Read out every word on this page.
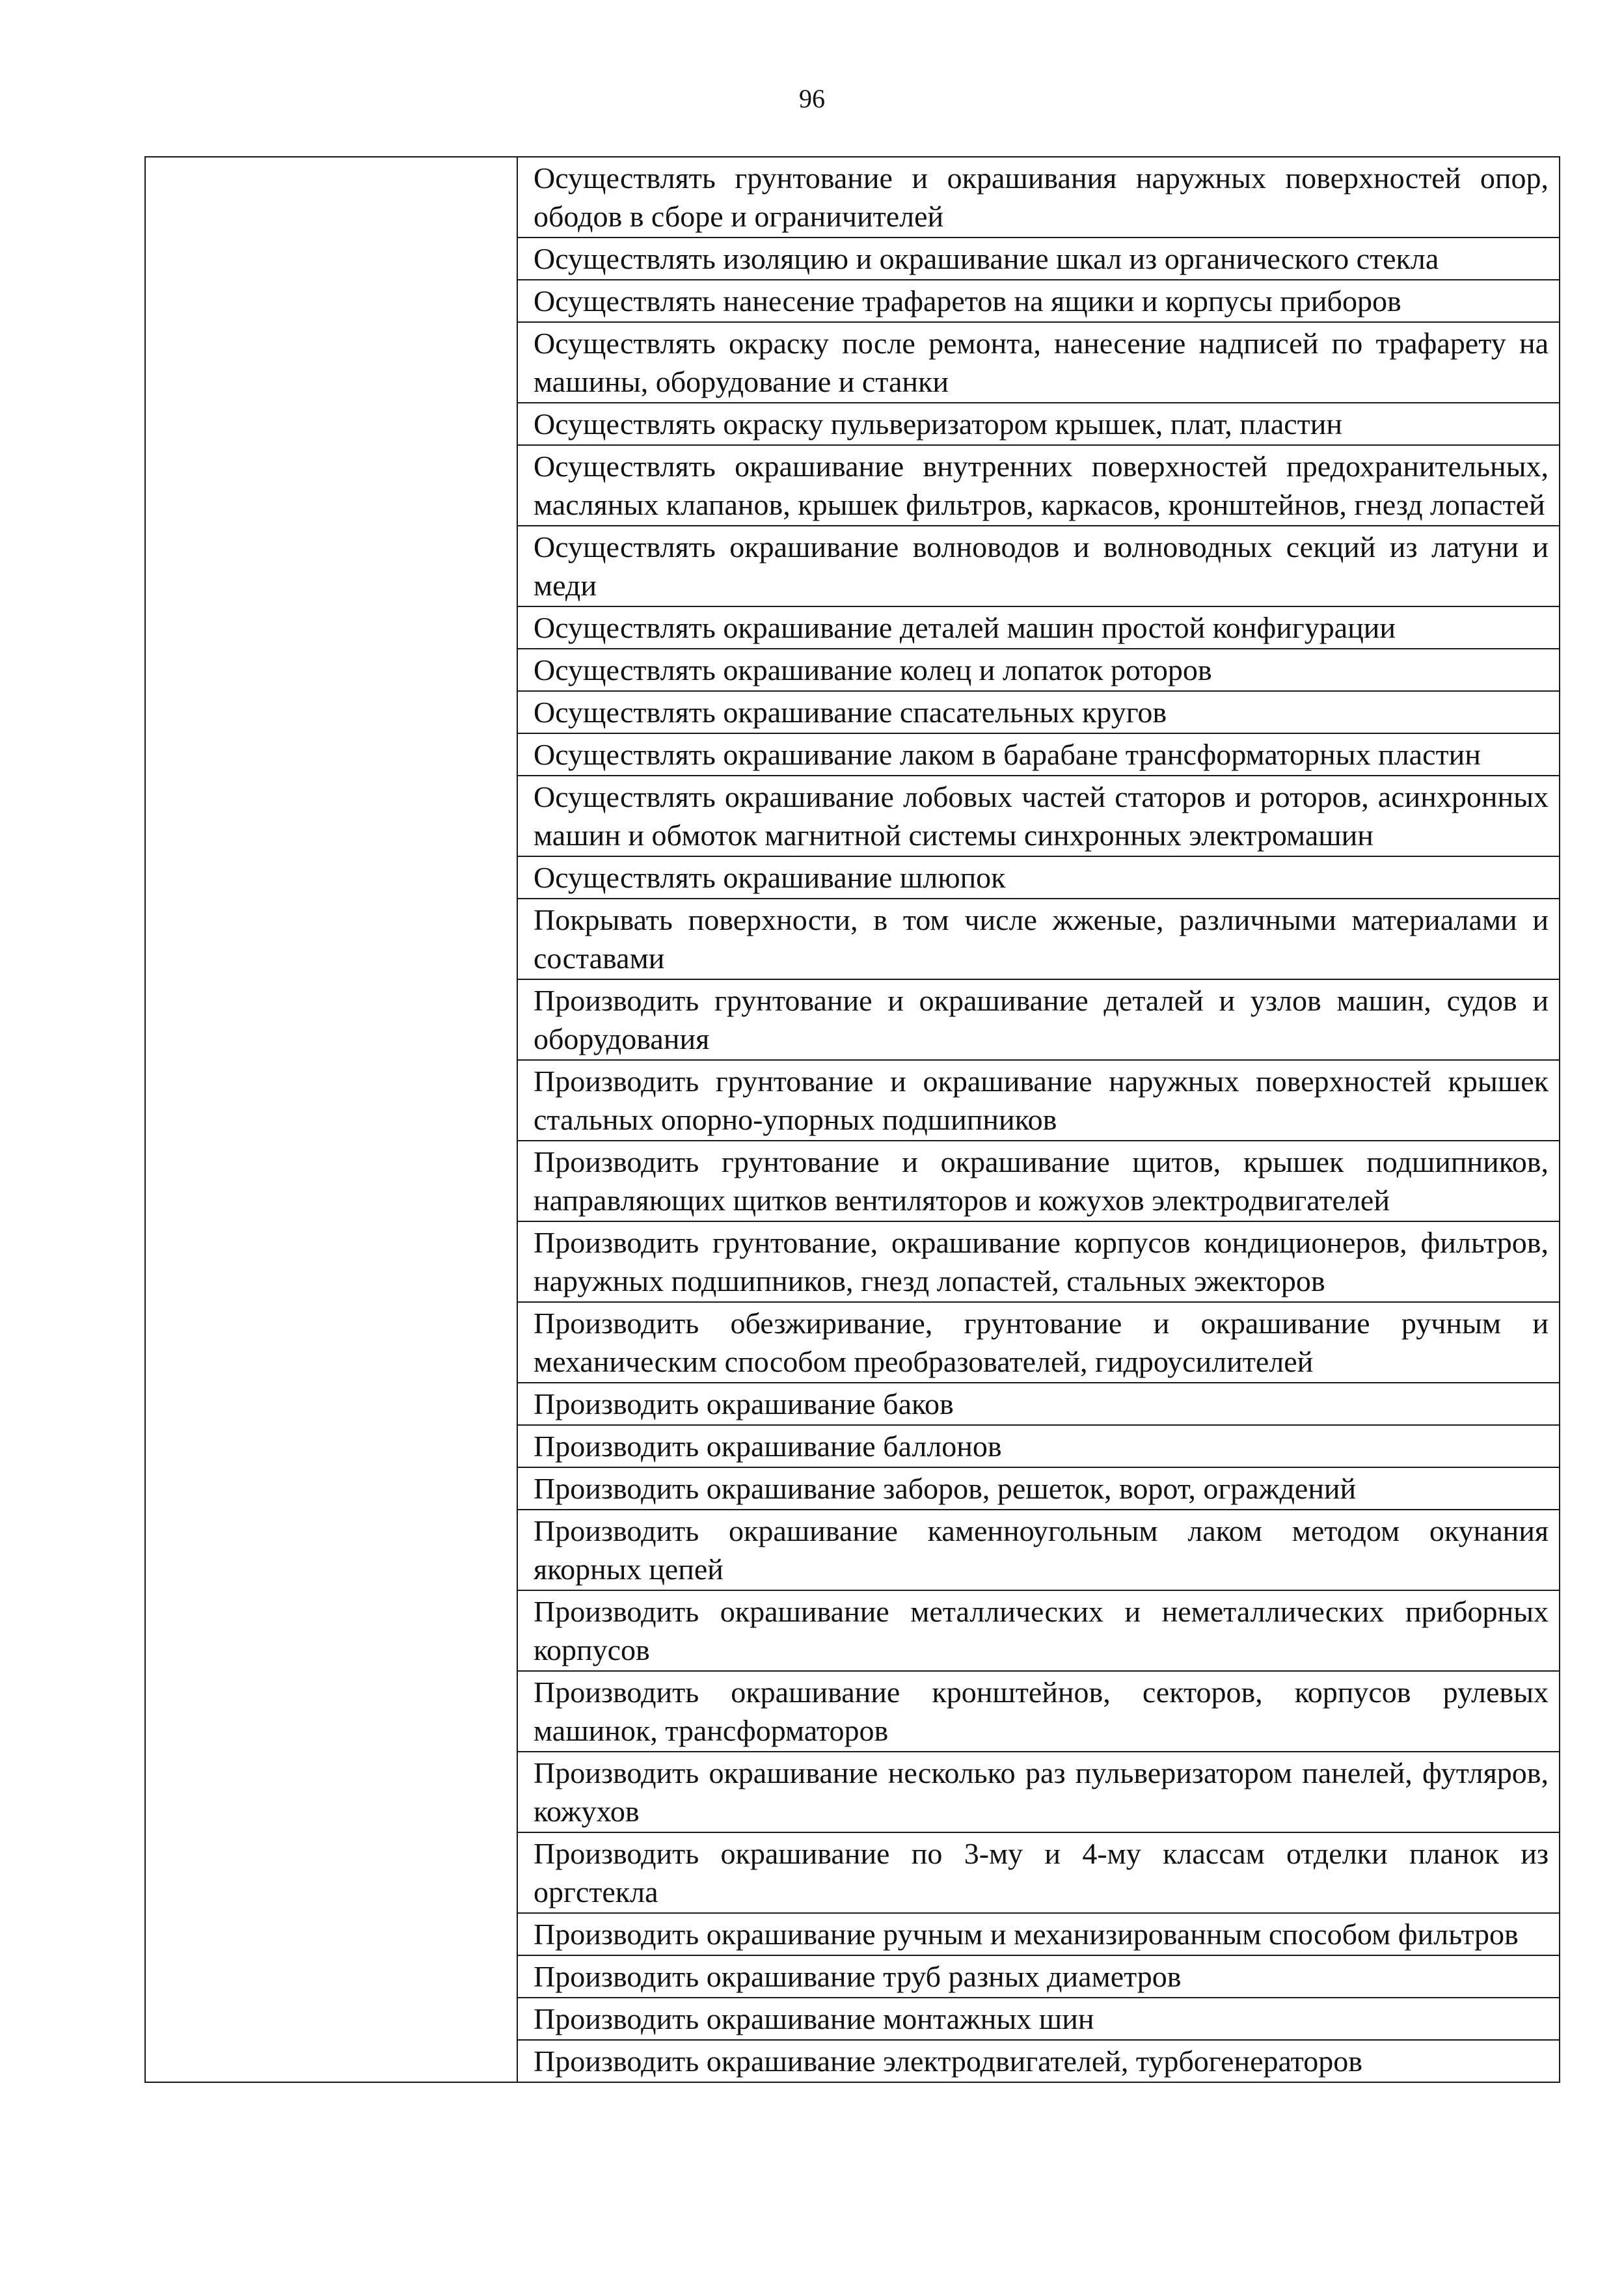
96
	Осуществлять грунтование и окрашивания наружных поверхностей опор, ободов в сборе и ограничителей
Осуществлять изоляцию и окрашивание шкал из органического стекла
Осуществлять нанесение трафаретов на ящики и корпусы приборов
Осуществлять окраску после ремонта, нанесение надписей по трафарету на машины, оборудование и станки
Осуществлять окраску пульверизатором крышек, плат, пластин
Осуществлять окрашивание внутренних поверхностей предохранительных, масляных клапанов, крышек фильтров, каркасов, кронштейнов, гнезд лопастей
Осуществлять окрашивание волноводов и волноводных секций из латуни и меди
Осуществлять окрашивание деталей машин простой конфигурации
Осуществлять окрашивание колец и лопаток роторов
Осуществлять окрашивание спасательных кругов
Осуществлять окрашивание лаком в барабане трансформаторных пластин
Осуществлять окрашивание лобовых частей статоров и роторов, асинхронных машин и обмоток магнитной системы синхронных электромашин
Осуществлять окрашивание шлюпок
Покрывать поверхности, в том числе жженые, различными материалами и составами
Производить грунтование и окрашивание деталей и узлов машин, судов и оборудования
Производить грунтование и окрашивание наружных поверхностей крышек стальных опорно-упорных подшипников
Производить грунтование и окрашивание щитов, крышек подшипников, направляющих щитков вентиляторов и кожухов электродвигателей
Производить грунтование, окрашивание корпусов кондиционеров, фильтров, наружных подшипников, гнезд лопастей, стальных эжекторов
Производить обезжиривание, грунтование и окрашивание ручным и механическим способом преобразователей, гидроусилителей
Производить окрашивание баков
Производить окрашивание баллонов
Производить окрашивание заборов, решеток, ворот, ограждений
Производить окрашивание каменноугольным лаком методом окунания якорных цепей
Производить окрашивание металлических и неметаллических приборных корпусов
Производить окрашивание кронштейнов, секторов, корпусов рулевых машинок, трансформаторов
Производить окрашивание несколько раз пульверизатором панелей, футляров, кожухов
Производить окрашивание по 3-му и 4-му классам отделки планок из оргстекла
Производить окрашивание ручным и механизированным способом фильтров
Производить окрашивание труб разных диаметров
Производить окрашивание монтажных шин
Производить окрашивание электродвигателей, турбогенераторов
